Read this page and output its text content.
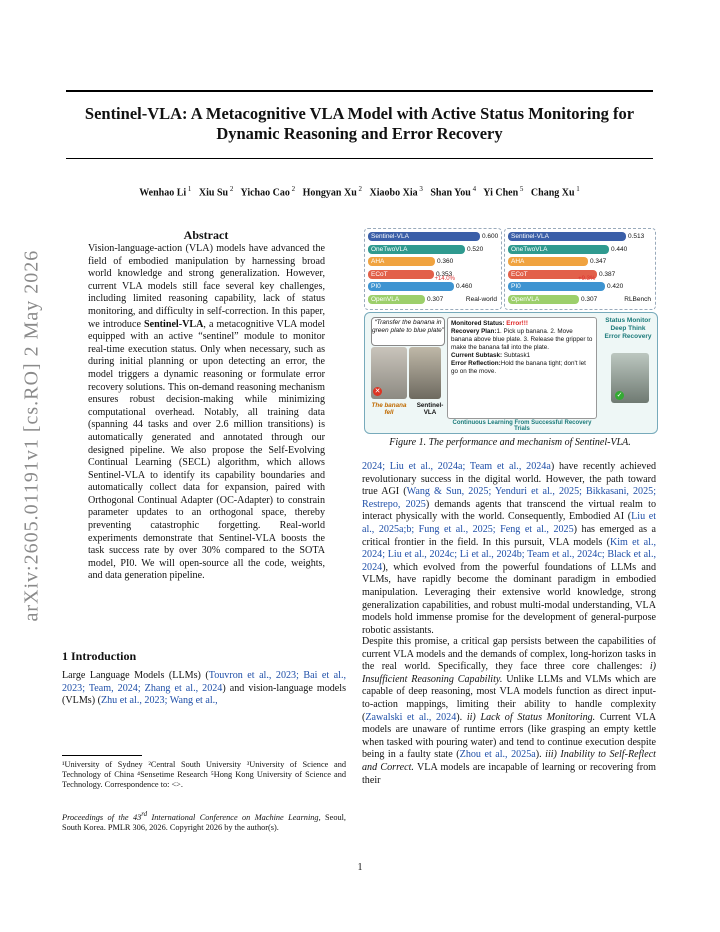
arXiv:2605.01191v1 [cs.RO] 2 May 2026
Sentinel-VLA: A Metacognitive VLA Model with Active Status Monitoring for Dynamic Reasoning and Error Recovery
Wenhao Li $^1$  Xiu Su $^2$  Yichao Cao $^2$  Hongyan Xu $^2$  Xiaobo Xia $^3$  Shan You $^4$  Yi Chen $^5$  Chang Xu $^1$
Abstract

Vision-language-action (VLA) models have advanced the field of embodied manipulation by harnessing broad world knowledge and strong generalization. However, current VLA models still face several key challenges, including limited reasoning capability, lack of status monitoring, and difficulty in self-correction. In this paper, we introduce Sentinel-VLA, a metacognitive VLA model equipped with an active “sentinel” module to monitor real-time execution status. Only when necessary, such as during initial planning or upon detecting an error, the model triggers a dynamic reasoning or formulate error recovery solutions. This on-demand reasoning mechanism ensures robust decision-making while minimizing computational overhead. Notably, all training data (spanning 44 tasks and over 2.6 million transitions) is automatically generated and annotated through our designed pipeline. We also propose the Self-Evolving Continual Learning (SECL) algorithm, which allows Sentinel-VLA to identify its capability boundaries and automatically collect data for expansion, paired with Orthogonal Continual Adapter (OC-Adapter) to constrain parameter updates to an orthogonal space, thereby preventing catastrophic forgetting. Real-world experiments demonstrate that Sentinel-VLA boosts the task success rate by over 30% compared to the SOTA model, PI0. We will open-source all the code, weights, and data generation pipeline.

1 Introduction

Large Language Models (LLMs) (Touvron et al., 2023; Bai et al., 2023; Team, 2024; Zhang et al., 2024) and vision-language models (VLMs) (Zhu et al., 2023; Wang et al.,

¹University of Sydney ²Central South University ³University of Science and Technology of China ⁴Sensetime Research ⁵Hong Kong University of Science and Technology. Correspondence to: <>.
Proceedings of the 43rd International Conference on Machine Learning, Seoul, South Korea. PMLR 306, 2026. Copyright 2026 by the author(s).
Sentinel-VLA	0.600
OneTwoVLA	0.520
AHA	0.360
ECoT	0.353
PI0	0.460
OpenVLA	0.307
+14.0%
Real-world
Sentinel-VLA	0.513
OneTwoVLA	0.440
AHA	0.347
ECoT	0.387
PI0	0.420
OpenVLA	0.307
+9.3%
RLBench
“Transfer the banana in green plate to blue plate”
✕
The banana fell
Sentinel-VLA
Monitored Status: Error!!!
Recovery Plan:1. Pick up banana. 2. Move banana above blue plate. 3. Release the gripper to make the banana fall into the plate.
Current Subtask: Subtask1
Error Reflection:Hold the banana tight; don't let go on the move.
Status Monitor
Deep Think Error Recovery
✓
Continuous Learning From Successful Recovery Trials
Figure 1. The performance and mechanism of Sentinel-VLA.

2024; Liu et al., 2024a; Team et al., 2024a) have recently achieved revolutionary success in the digital world. However, the path toward true AGI (Wang & Sun, 2025; Yenduri et al., 2025; Bikkasani, 2025; Restrepo, 2025) demands agents that transcend the virtual realm to interact physically with the world. Consequently, Embodied AI (Liu et al., 2025a;b; Fung et al., 2025; Feng et al., 2025) has emerged as a critical frontier in the field. In this pursuit, VLA models (Kim et al., 2024; Liu et al., 2024c; Li et al., 2024b; Team et al., 2024c; Black et al., 2024), which evolved from the powerful foundations of LLMs and VLMs, have rapidly become the dominant paradigm in embodied manipulation. Leveraging their extensive world knowledge, strong generalization capabilities, and robust multi-modal understanding, VLA models hold immense promise for the development of general-purpose robotic assistants.

Despite this promise, a critical gap persists between the capabilities of current VLA models and the demands of complex, long-horizon tasks in the real world. Specifically, they face three core challenges: i) Insufficient Reasoning Capability. Unlike LLMs and VLMs which are capable of deep reasoning, most VLA models function as direct input-to-action mappings, limiting their ability to handle complexity (Zawalski et al., 2024). ii) Lack of Status Monitoring. Current VLA models are unaware of runtime errors (like grasping an empty kettle when tasked with pouring water) and tend to continue execution despite being in a faulty state (Zhou et al., 2025a). iii) Inability to Self-Reflect and Correct. VLA models are incapable of learning or recovering from their

1
